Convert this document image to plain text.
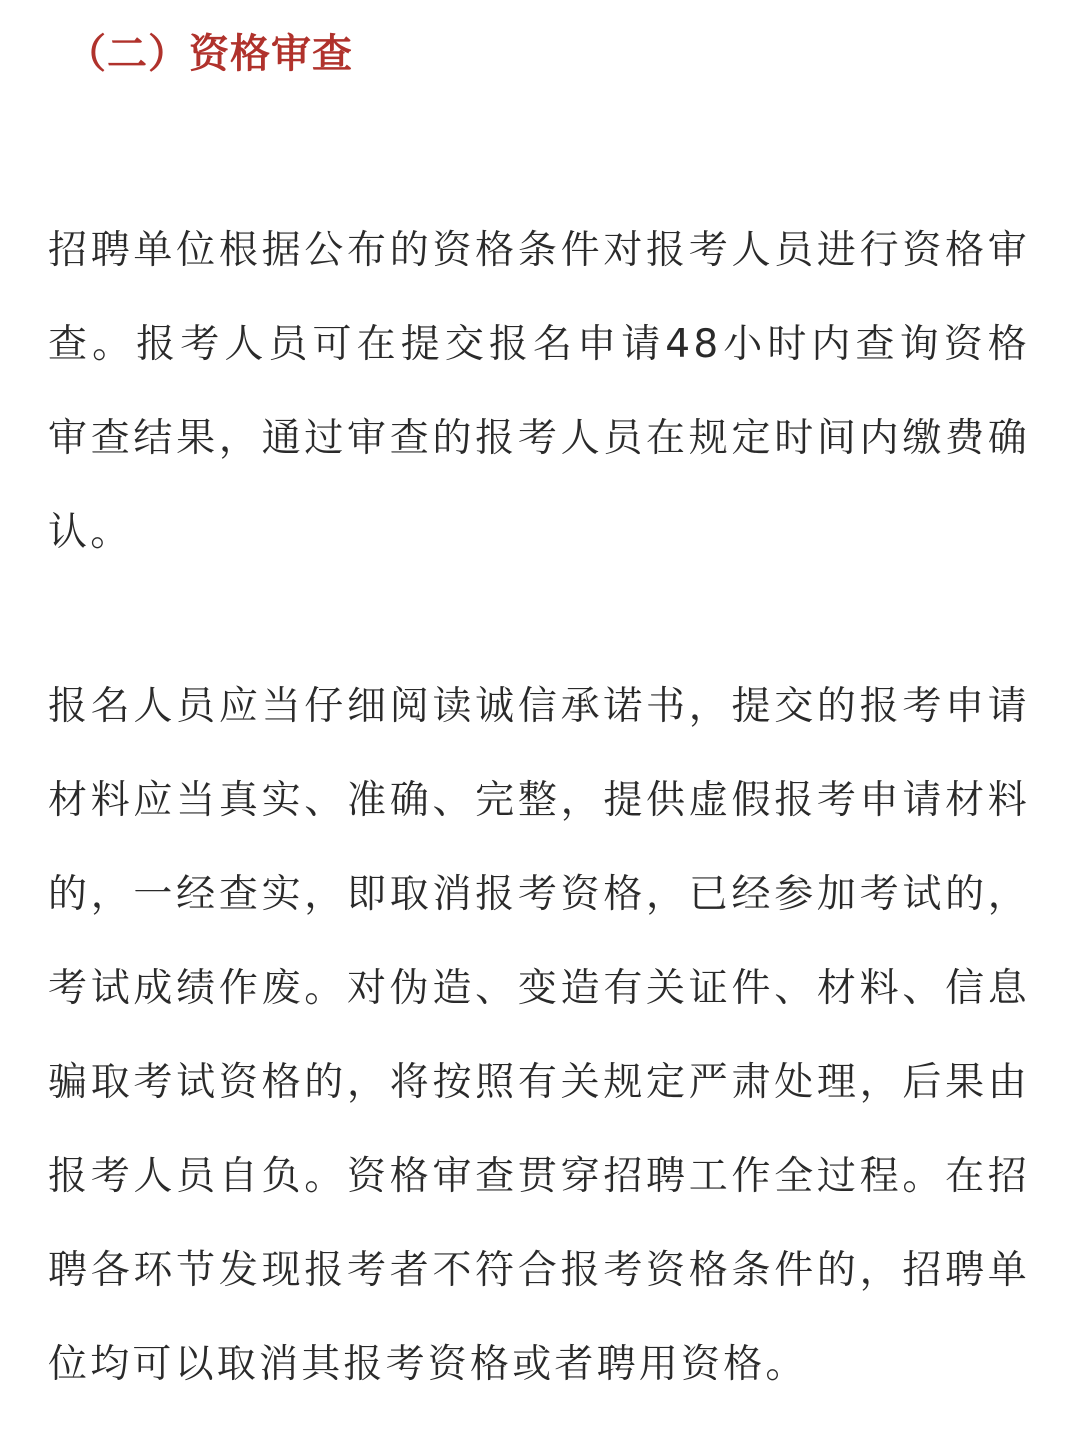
（二）资格审查

招聘单位根据公布的资格条件对报考人员进行资格审查。报考人员可在提交报名申请48小时内查询资格审查结果，通过审查的报考人员在规定时间内缴费确认。

报名人员应当仔细阅读诚信承诺书，提交的报考申请材料应当真实、准确、完整，提供虚假报考申请材料的，一经查实，即取消报考资格，已经参加考试的，考试成绩作废。对伪造、变造有关证件、材料、信息骗取考试资格的，将按照有关规定严肃处理，后果由报考人员自负。资格审查贯穿招聘工作全过程。在招聘各环节发现报考者不符合报考资格条件的，招聘单位均可以取消其报考资格或者聘用资格。
